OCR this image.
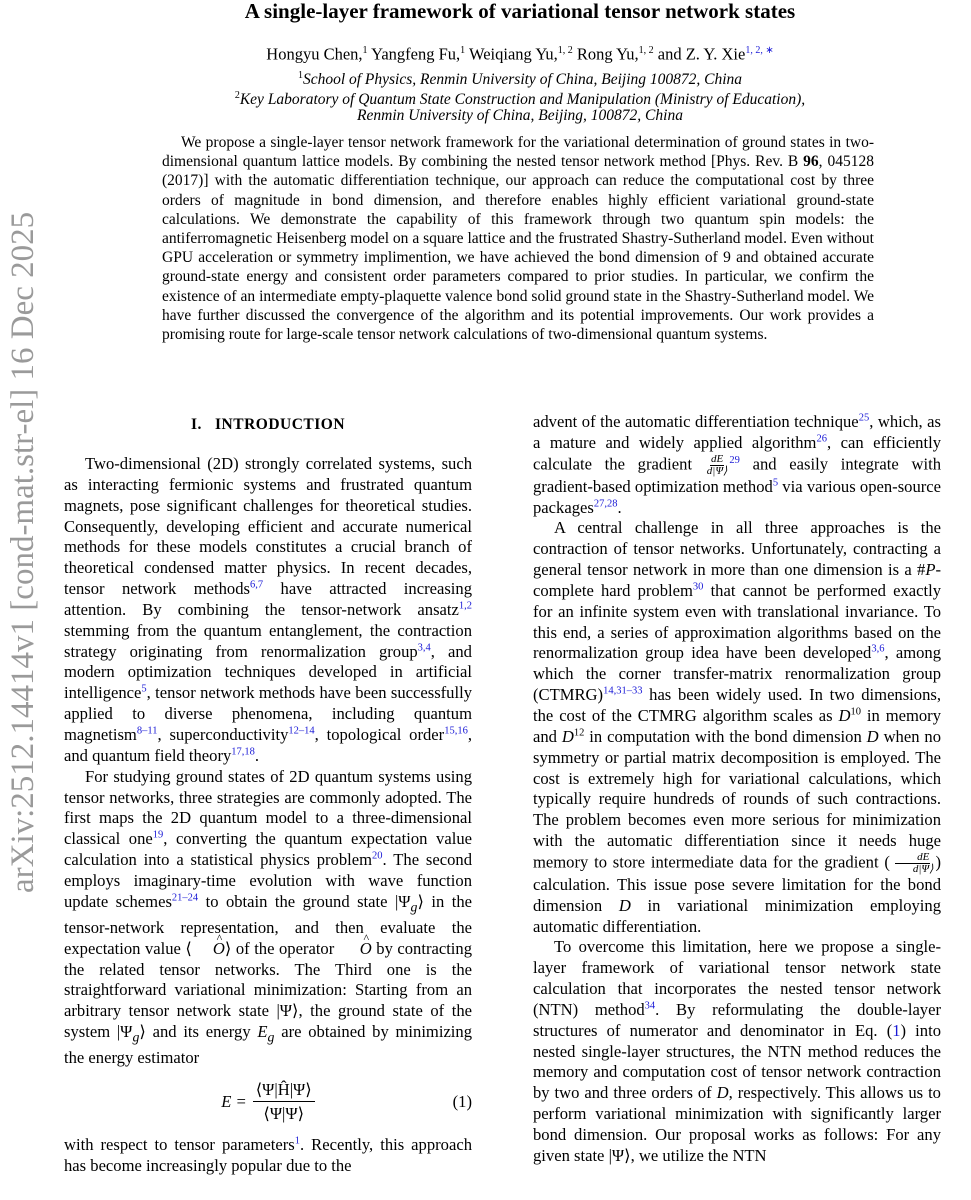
arXiv:2512.14414v1 [cond-mat.str-el] 16 Dec 2025
A single-layer framework of variational tensor network states
Hongyu Chen,$^1$ Yangfeng Fu,$^1$ Weiqiang Yu,$^{1, 2}$ Rong Yu,$^{1, 2}$ and Z. Y. Xie$^{1, 2, ∗}$
$^1$School of Physics, Renmin University of China, Beijing 100872, China
$^2$Key Laboratory of Quantum State Construction and Manipulation (Ministry of Education),
Renmin University of China, Beijing, 100872, China
We propose a single-layer tensor network framework for the variational determination of ground states in two-dimensional quantum lattice models. By combining the nested tensor network method [Phys. Rev. B 96, 045128 (2017)] with the automatic differentiation technique, our approach can reduce the computational cost by three orders of magnitude in bond dimension, and therefore enables highly efficient variational ground-state calculations. We demonstrate the capability of this framework through two quantum spin models: the antiferromagnetic Heisenberg model on a square lattice and the frustrated Shastry-Sutherland model. Even without GPU acceleration or symmetry implimention, we have achieved the bond dimension of 9 and obtained accurate ground-state energy and consistent order parameters compared to prior studies. In particular, we confirm the existence of an intermediate empty-plaquette valence bond solid ground state in the Shastry-Sutherland model. We have further discussed the convergence of the algorithm and its potential improvements. Our work provides a promising route for large-scale tensor network calculations of two-dimensional quantum systems.
I. INTRODUCTION

Two-dimensional (2D) strongly correlated systems, such as interacting fermionic systems and frustrated quantum magnets, pose significant challenges for theoretical studies. Consequently, developing efficient and accurate numerical methods for these models constitutes a crucial branch of theoretical condensed matter physics. In recent decades, tensor network methods$^{6,7}$ have attracted increasing attention. By combining the tensor-network ansatz$^{1,2}$ stemming from the quantum entanglement, the contraction strategy originating from renormalization group$^{3,4}$, and modern optimization techniques developed in artificial intelligence$^5$, tensor network methods have been successfully applied to diverse phenomena, including quantum magnetism$^{8-11}$, superconductivity$^{12-14}$, topological order$^{15,16}$, and quantum field theory$^{17,18}$.

For studying ground states of 2D quantum systems using tensor networks, three strategies are commonly adopted. The first maps the 2D quantum model to a three-dimensional classical one$^{19}$, converting the quantum expectation value calculation into a statistical physics problem$^{20}$. The second employs imaginary-time evolution with wave function update schemes$^{21-24}$ to obtain the ground state $|\Psi_g⟩$ in the tensor-network representation, and then evaluate the expectation value ⟨^ O⟩ of the operator ^ O by contracting the related tensor networks. The Third one is the straightforward variational minimization: Starting from an arbitrary tensor network state |Ψ⟩, the ground state of the system $|\Psi_g⟩$ and its energy $E_g$ are obtained by minimizing the energy estimator

$E = \frac{⟨\Psi|Ĥ|\Psi⟩}{⟨\Psi|\Psi⟩}$	(1)

with respect to tensor parameters$^1$. Recently, this approach has become increasingly popular due to the

advent of the automatic differentiation technique$^{25}$, which, as a mature and widely applied algorithm$^{26}$, can efficiently calculate the gradient $\frac{dE}{d|\Psi⟩} ^{29}$ and easily integrate with gradient-based optimization method$^5$ via various open-source packages$^{27,28}$.

A central challenge in all three approaches is the contraction of tensor networks. Unfortunately, contracting a general tensor network in more than one dimension is a #P-complete hard problem$^{30}$ that cannot be performed exactly for an infinite system even with translational invariance. To this end, a series of approximation algorithms based on the renormalization group idea have been developed$^{3,6}$, among which the corner transfer-matrix renormalization group (CTMRG)$^{14,31-33}$ has been widely used. In two dimensions, the cost of the CTMRG algorithm scales as $D^{10}$ in memory and $D^{12}$ in computation with the bond dimension D when no symmetry or partial matrix decomposition is employed. The cost is extremely high for variational calculations, which typically require hundreds of rounds of such contractions. The problem becomes even more serious for minimization with the automatic differentiation since it needs huge memory to store intermediate data for the gradient ( $\frac{dE}{d|\Psi⟩}$ ) calculation. This issue pose severe limitation for the bond dimension D in variational minimization employing automatic differentiation.

To overcome this limitation, here we propose a single-layer framework of variational tensor network state calculation that incorporates the nested tensor network (NTN) method$^{34}$. By reformulating the double-layer structures of numerator and denominator in Eq. (1) into nested single-layer structures, the NTN method reduces the memory and computation cost of tensor network contraction by two and three orders of D, respectively. This allows us to perform variational minimization with significantly larger bond dimension. Our proposal works as follows: For any given state |Ψ⟩, we utilize the NTN
